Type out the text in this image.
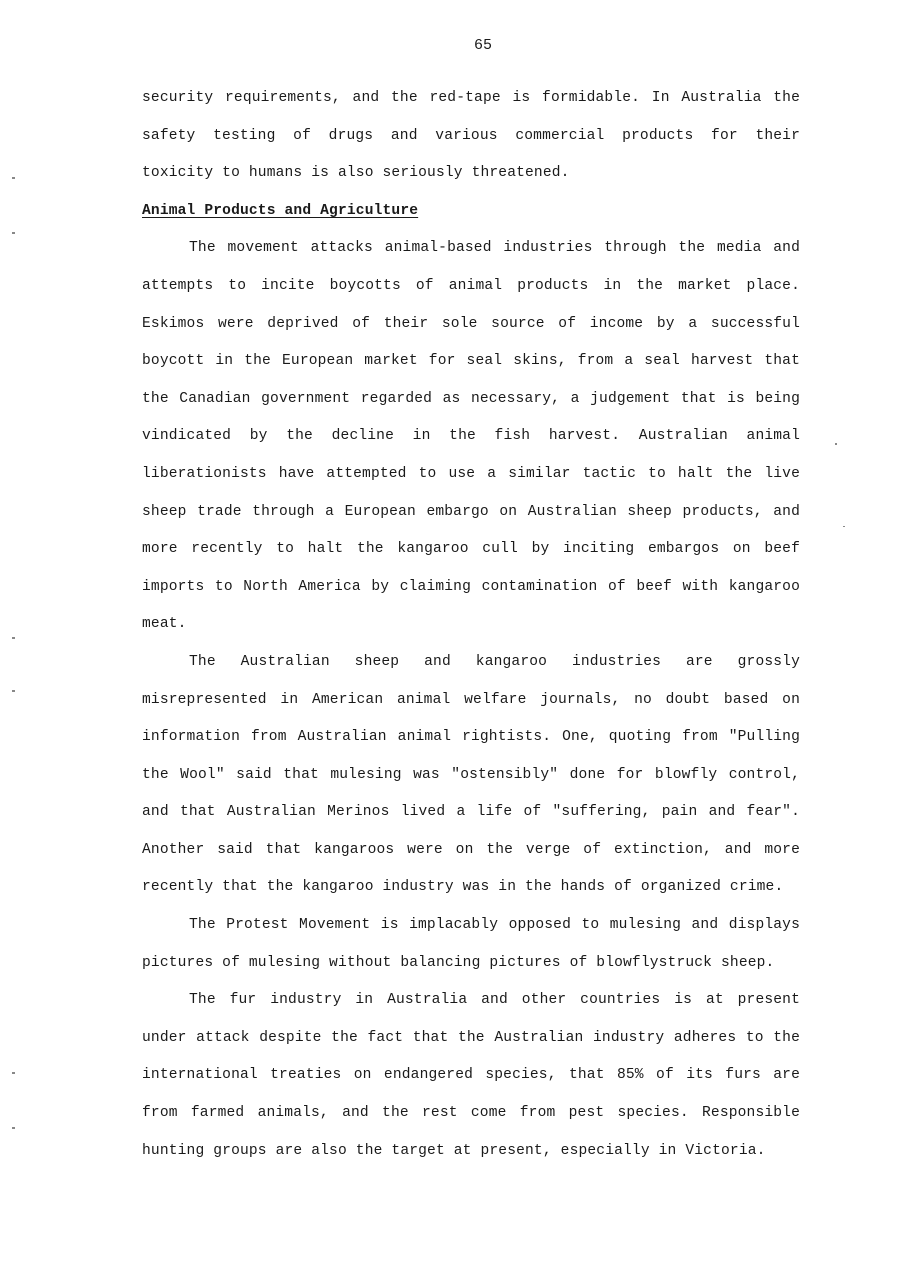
65

security requirements, and the red-tape is formidable. In Australia the safety testing of drugs and various commercial products for their toxicity to humans is also seriously threatened.

Animal Products and Agriculture

The movement attacks animal-based industries through the media and attempts to incite boycotts of animal products in the market place. Eskimos were deprived of their sole source of income by a successful boycott in the European market for seal skins, from a seal harvest that the Canadian government regarded as necessary, a judgement that is being vindicated by the decline in the fish harvest. Australian animal liberationists have attempted to use a similar tactic to halt the live sheep trade through a European embargo on Australian sheep products, and more recently to halt the kangaroo cull by inciting embargos on beef imports to North America by claiming contamination of beef with kangaroo meat.

The Australian sheep and kangaroo industries are grossly misrepresented in American animal welfare journals, no doubt based on information from Australian animal rightists. One, quoting from "Pulling the Wool" said that mulesing was "ostensibly" done for blowfly control, and that Australian Merinos lived a life of "suffering, pain and fear". Another said that kangaroos were on the verge of extinction, and more recently that the kangaroo industry was in the hands of organized crime.

The Protest Movement is implacably opposed to mulesing and displays pictures of mulesing without balancing pictures of blowflystruck sheep.

The fur industry in Australia and other countries is at present under attack despite the fact that the Australian industry adheres to the international treaties on endangered species, that 85% of its furs are from farmed animals, and the rest come from pest species. Responsible hunting groups are also the target at present, especially in Victoria.
